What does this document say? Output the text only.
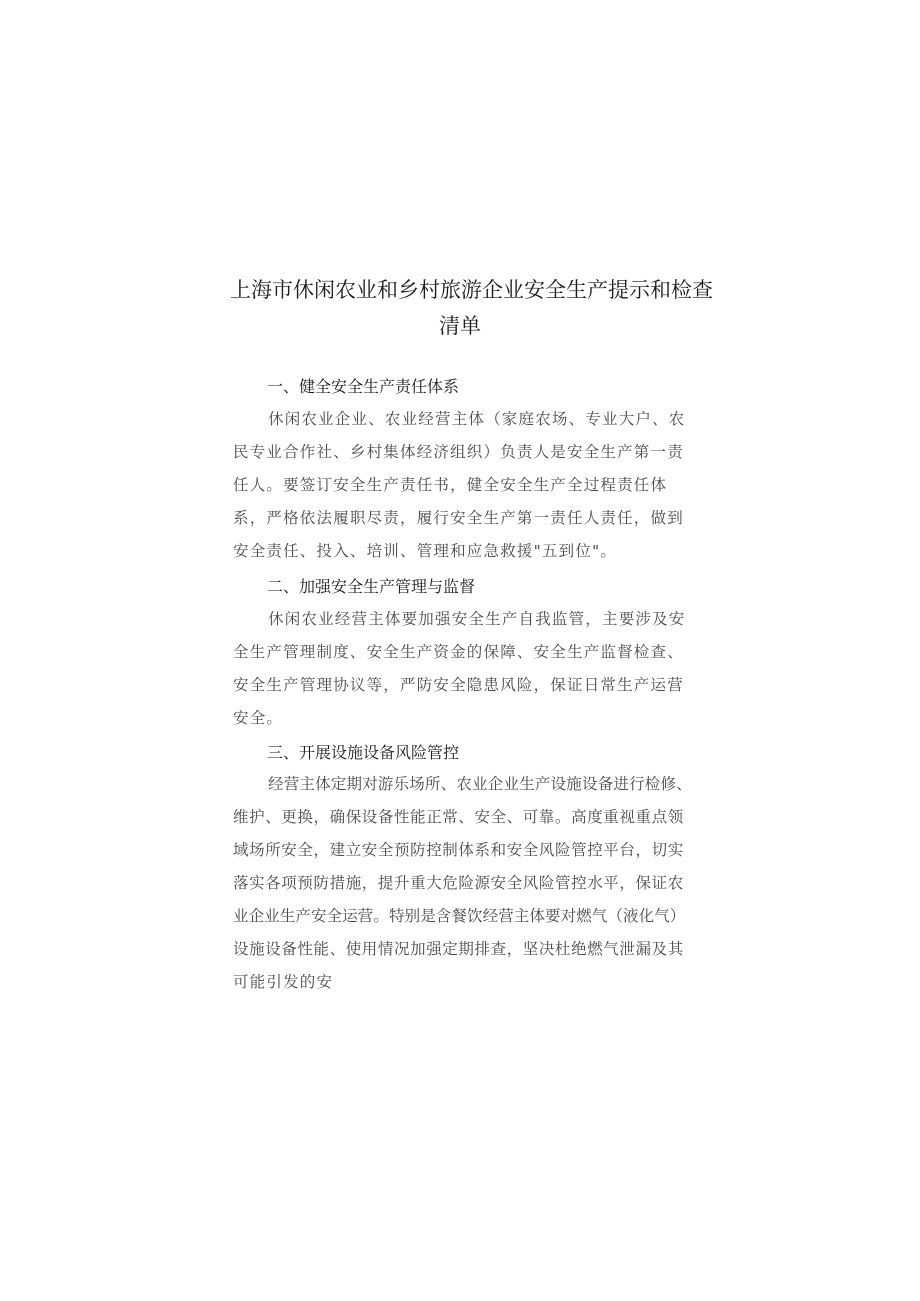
上海市休闲农业和乡村旅游企业安全生产提示和检查
清单
一、健全安全生产责任体系
休闲农业企业、农业经营主体（家庭农场、专业大户、农
民专业合作社、乡村集体经济组织）负责人是安全生产第一责
任人。要签订安全生产责任书，健全安全生产全过程责任体
系，严格依法履职尽责，履行安全生产第一责任人责任，做到
安全责任、投入、培训、管理和应急救援"五到位"。
二、加强安全生产管理与监督
休闲农业经营主体要加强安全生产自我监管，主要涉及安
全生产管理制度、安全生产资金的保障、安全生产监督检查、
安全生产管理协议等，严防安全隐患风险，保证日常生产运营
安全。
三、开展设施设备风险管控
经营主体定期对游乐场所、农业企业生产设施设备进行检修、
维护、更换，确保设备性能正常、安全、可靠。高度重视重点领
域场所安全，建立安全预防控制体系和安全风险管控平台，切实
落实各项预防措施，提升重大危险源安全风险管控水平，保证农
业企业生产安全运营。特别是含餐饮经营主体要对燃气（液化气）
设施设备性能、使用情况加强定期排查，坚决杜绝燃气泄漏及其
可能引发的安
